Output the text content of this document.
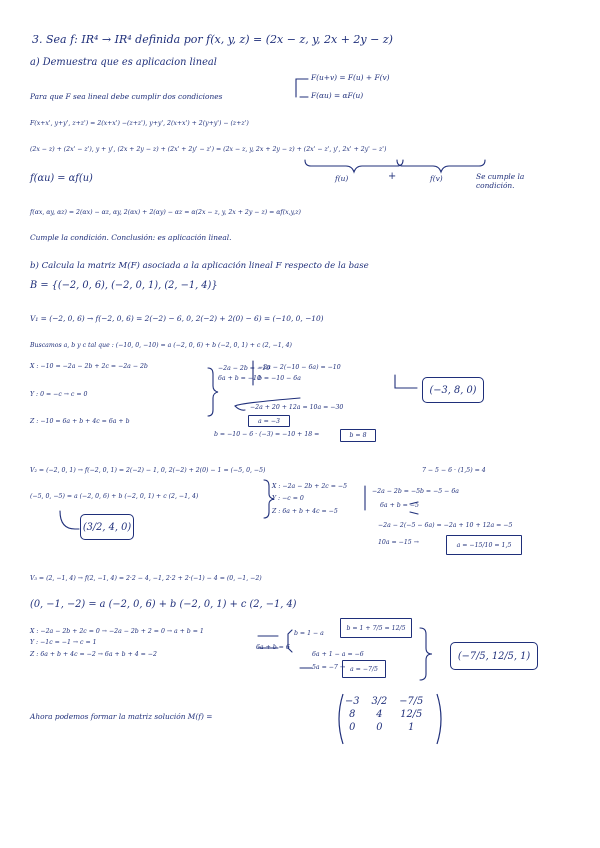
3. Sea f: IR⁴ → IR⁴ definida por f(x, y, z) = (2x − z, y, 2x + 2y − z)
a) Demuestra que es aplicacion lineal
F(u+v) = F(u) + F(v)
F(αu) = αF(u)
Para que F sea lineal debe cumplir dos condiciones
F(x+x', y+y', z+z') = 2(x+x') −(z+z'), y+y', 2(x+x') + 2(y+y') − (z+z')
(2x − z) + (2x' − z'), y + y', (2x + 2y − z) + (2x' + 2y' − z') = (2x − z, y, 2x + 2y − z) + (2x' − z', y', 2x' + 2y' − z')
f(u)	+	f(v)	Se cumple la condición.
f(αu) = αf(u)
f(αx, αy, αz) = 2(αx) − αz, αy, 2(αx) + 2(αy) − αz = α(2x − z, y, 2x + 2y − z) = αf(x,y,z)
Cumple la condición. Conclusión: es aplicación lineal.
b) Calcula la matriz M(F) asociada a la aplicación lineal F respecto de la base
B = {(−2, 0, 6), (−2, 0, 1), (2, −1, 4)}
V₁ = (−2, 0, 6) → f(−2, 0, 6) = 2(−2) − 6, 0, 2(−2) + 2(0) − 6) = (−10, 0, −10)
Buscamos a, b y c tal que : (−10, 0, −10) = a (−2, 0, 6) + b (−2, 0, 1) + c (2, −1, 4)
X : −10 = −2a − 2b + 2c = −2a − 2b
Y : 0 = −c → c = 0
Z : −10 = 6a + b + 4c = 6a + b
−2a − 2b = −10
6a + b = −10
b = −10 − 6a
−2a − 2(−10 − 6a) = −10
−2a + 20 + 12a = 10a = −30
a = −3
b = −10 − 6 · (−3) = −10 + 18 =	b = 8
(−3, 8, 0)
V₂ = (−2, 0, 1) → f(−2, 0, 1) = 2(−2) − 1, 0, 2(−2) + 2(0) − 1 = (−5, 0, −5)	7 − 5 − 6 · (1,5) = 4
(−5, 0, −5) = a (−2, 0, 6) + b (−2, 0, 1) + c (2, −1, 4)
X : −2a − 2b + 2c = −5
Y : −c = 0
Z : 6a + b + 4c = −5
−2a − 2b = −5
6a + b = −5
b = −5 − 6a
−2a − 2(−5 − 6a) = −2a + 10 + 12a = −5
10a = −15 →	a = −15/10 = 1,5
(3/2, 4, 0)
V₃ = (2, −1, 4) → f(2, −1, 4) = 2·2 − 4, −1, 2·2 + 2·(−1) − 4 = (0, −1, −2)
(0, −1, −2) = a (−2, 0, 6) + b (−2, 0, 1) + c (2, −1, 4)
X : −2a − 2b + 2c = 0 → −2a − 2b + 2 = 0 → a + b = 1
Y : −1c = −1 → c = 1
Z : 6a + b + 4c = −2 → 6a + b + 4 = −2
b = 1 − a
6a + b = 6
b = 1 + 7/5 = 12/5
6a + 1 − a = −6
5a = −7 → a = −7/5
(−7/5, 12/5, 1)
Ahora podemos formar la matriz solución M(f) =
−3	3/2	−7/5
8	4	12/5
0	0	1
